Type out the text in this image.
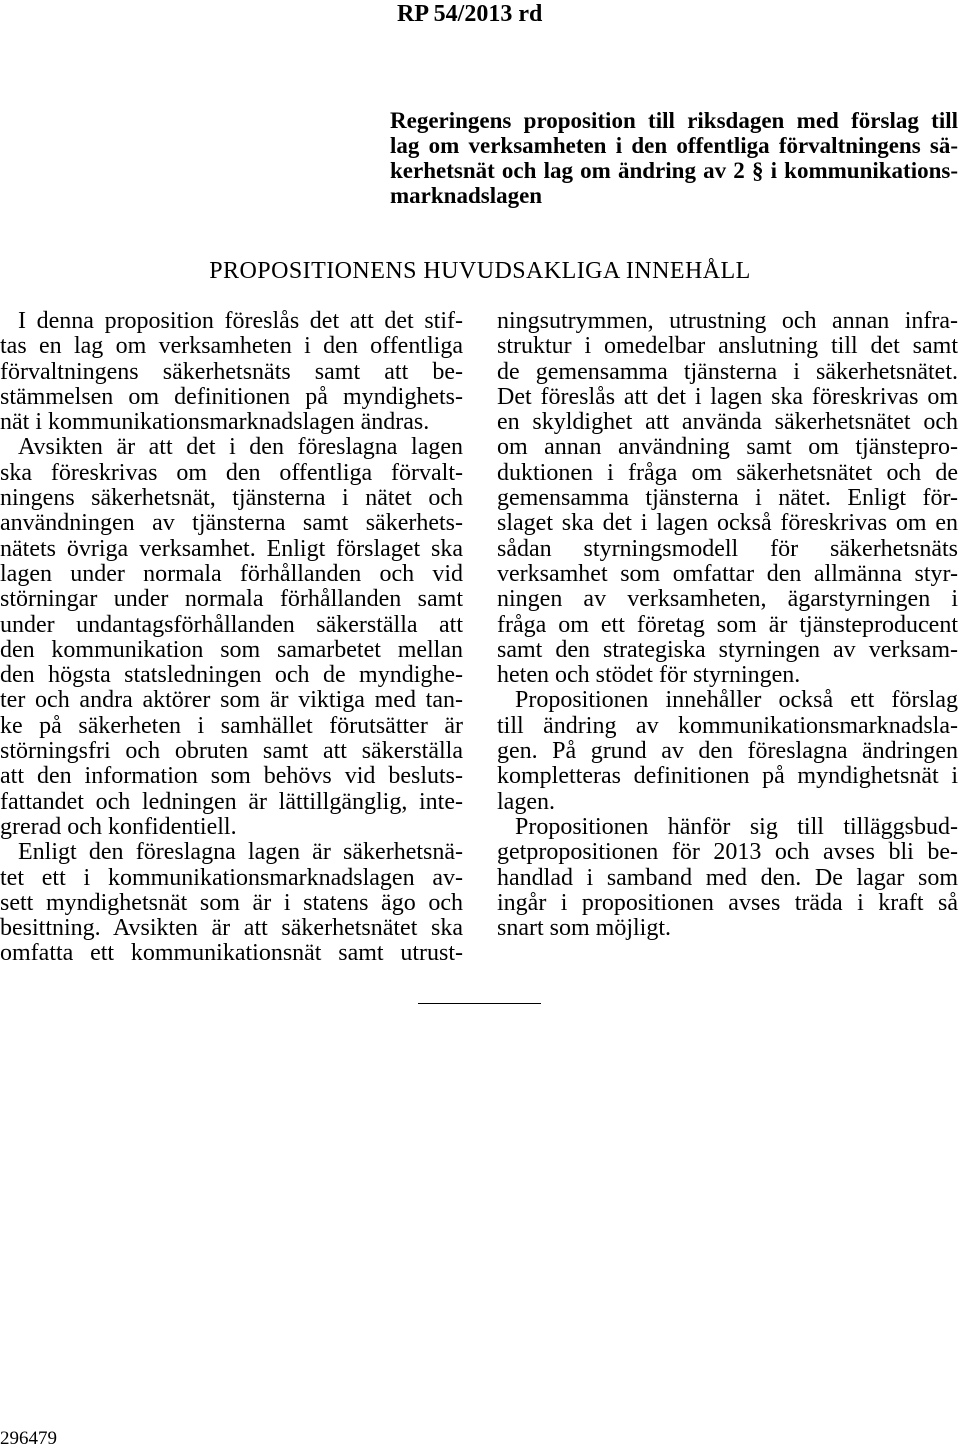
RP 54/2013 rd
Regeringens proposition till riksdagen med förslag till
lag om verksamheten i den offentliga förvaltningens sä-
kerhetsnät och lag om ändring av 2 § i kommunikations-
marknadslagen
PROPOSITIONENS HUVUDSAKLIGA INNEHÅLL
I denna proposition föreslås det att det stif-
tas en lag om verksamheten i den offentliga
förvaltningens säkerhetsnäts samt att be-
stämmelsen om definitionen på myndighets-
nät i kommunikationsmarknadslagen ändras.
Avsikten är att det i den föreslagna lagen
ska föreskrivas om den offentliga förvalt-
ningens säkerhetsnät, tjänsterna i nätet och
användningen av tjänsterna samt säkerhets-
nätets övriga verksamhet. Enligt förslaget ska
lagen under normala förhållanden och vid
störningar under normala förhållanden samt
under undantagsförhållanden säkerställa att
den kommunikation som samarbetet mellan
den högsta statsledningen och de myndighe-
ter och andra aktörer som är viktiga med tan-
ke på säkerheten i samhället förutsätter är
störningsfri och obruten samt att säkerställa
att den information som behövs vid besluts-
fattandet och ledningen är lättillgänglig, inte-
grerad och konfidentiell.
Enligt den föreslagna lagen är säkerhetsnä-
tet ett i kommunikationsmarknadslagen av-
sett myndighetsnät som är i statens ägo och
besittning. Avsikten är att säkerhetsnätet ska
omfatta ett kommunikationsnät samt utrust-
ningsutrymmen, utrustning och annan infra-
struktur i omedelbar anslutning till det samt
de gemensamma tjänsterna i säkerhetsnätet.
Det föreslås att det i lagen ska föreskrivas om
en skyldighet att använda säkerhetsnätet och
om annan användning samt om tjänstepro-
duktionen i fråga om säkerhetsnätet och de
gemensamma tjänsterna i nätet. Enligt för-
slaget ska det i lagen också föreskrivas om en
sådan styrningsmodell för säkerhetsnäts
verksamhet som omfattar den allmänna styr-
ningen av verksamheten, ägarstyrningen i
fråga om ett företag som är tjänsteproducent
samt den strategiska styrningen av verksam-
heten och stödet för styrningen.
Propositionen innehåller också ett förslag
till ändring av kommunikationsmarknadsla-
gen. På grund av den föreslagna ändringen
kompletteras definitionen på myndighetsnät i
lagen.
Propositionen hänför sig till tilläggsbud-
getpropositionen för 2013 och avses bli be-
handlad i samband med den. De lagar som
ingår i propositionen avses träda i kraft så
snart som möjligt.
296479
